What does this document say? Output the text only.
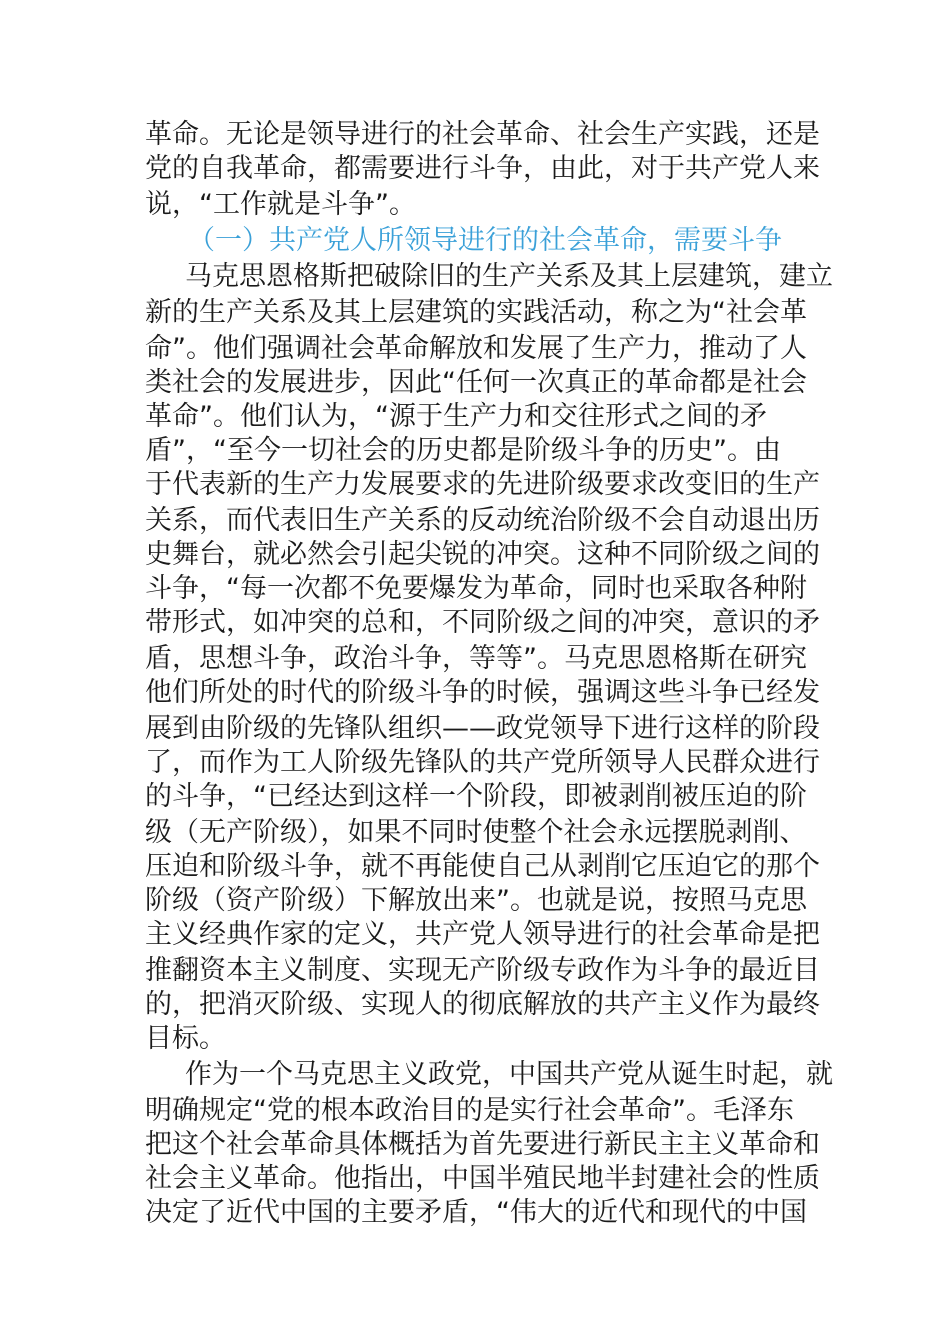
革命。无论是领导进行的社会革命、社会生产实践，还是
党的自我革命，都需要进行斗争，由此，对于共产党人来
说，“工作就是斗争”。
（一）共产党人所领导进行的社会革命，需要斗争
马克思恩格斯把破除旧的生产关系及其上层建筑，建立
新的生产关系及其上层建筑的实践活动，称之为“社会革
命”。他们强调社会革命解放和发展了生产力，推动了人
类社会的发展进步，因此“任何一次真正的革命都是社会
革命”。他们认为，“源于生产力和交往形式之间的矛
盾”，“至今一切社会的历史都是阶级斗争的历史”。由
于代表新的生产力发展要求的先进阶级要求改变旧的生产
关系，而代表旧生产关系的反动统治阶级不会自动退出历
史舞台，就必然会引起尖锐的冲突。这种不同阶级之间的
斗争，“每一次都不免要爆发为革命，同时也采取各种附
带形式，如冲突的总和，不同阶级之间的冲突，意识的矛
盾，思想斗争，政治斗争，等等”。马克思恩格斯在研究
他们所处的时代的阶级斗争的时候，强调这些斗争已经发
展到由阶级的先锋队组织——政党领导下进行这样的阶段
了，而作为工人阶级先锋队的共产党所领导人民群众进行
的斗争，“已经达到这样一个阶段，即被剥削被压迫的阶
级（无产阶级），如果不同时使整个社会永远摆脱剥削、
压迫和阶级斗争，就不再能使自己从剥削它压迫它的那个
阶级（资产阶级）下解放出来”。也就是说，按照马克思
主义经典作家的定义，共产党人领导进行的社会革命是把
推翻资本主义制度、实现无产阶级专政作为斗争的最近目
的，把消灭阶级、实现人的彻底解放的共产主义作为最终
目标。
作为一个马克思主义政党，中国共产党从诞生时起，就
明确规定“党的根本政治目的是实行社会革命”。毛泽东
把这个社会革命具体概括为首先要进行新民主主义革命和
社会主义革命。他指出，中国半殖民地半封建社会的性质
决定了近代中国的主要矛盾，“伟大的近代和现代的中国
